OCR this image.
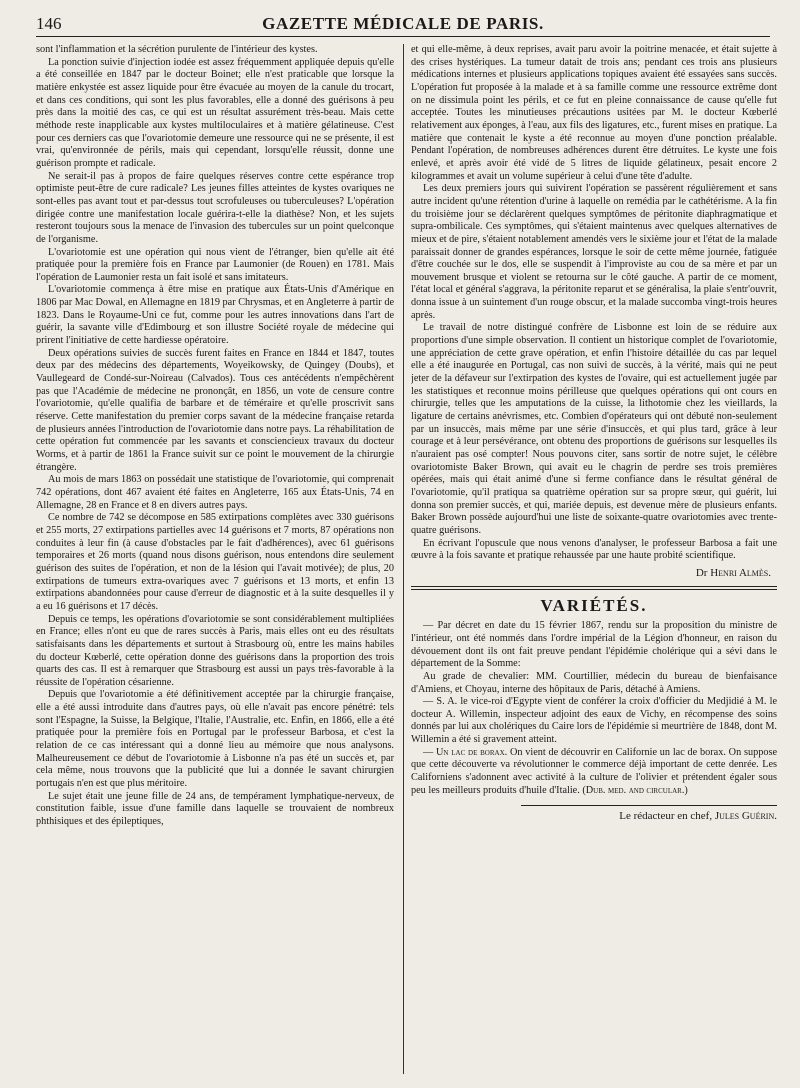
146	GAZETTE MÉDICALE DE PARIS.

sont l'inflammation et la sécrétion purulente de l'intérieur des kystes.

La ponction suivie d'injection iodée est assez fréquemment appliquée depuis qu'elle a été conseillée en 1847 par le docteur Boinet; elle n'est praticable que lorsque la matière enkystée est assez liquide pour être évacuée au moyen de la canule du trocart, et dans ces conditions, qui sont les plus favorables, elle a donné des guérisons à peu près dans la moitié des cas, ce qui est un résultat assurément très-beau. Mais cette méthode reste inapplicable aux kystes multiloculaires et à matière gélatineuse. C'est pour ces derniers cas que l'ovariotomie demeure une ressource qui ne se présente, il est vrai, qu'environnée de périls, mais qui cependant, lorsqu'elle réussit, donne une guérison prompte et radicale.

Ne serait-il pas à propos de faire quelques réserves contre cette espérance trop optimiste peut-être de cure radicale? Les jeunes filles atteintes de kystes ovariques ne sont-elles pas avant tout et par-dessus tout scrofuleuses ou tuberculeuses? L'opération dirigée contre une manifestation locale guérira-t-elle la diathèse? Non, et les sujets resteront toujours sous la menace de l'invasion des tubercules sur un point quelconque de l'organisme.

L'ovariotomie est une opération qui nous vient de l'étranger, bien qu'elle ait été pratiquée pour la première fois en France par Laumonier (de Rouen) en 1781. Mais l'opération de Laumonier resta un fait isolé et sans imitateurs.

L'ovariotomie commença à être mise en pratique aux États-Unis d'Amérique en 1806 par Mac Dowal, en Allemagne en 1819 par Chrysmas, et en Angleterre à partir de 1823. Dans le Royaume-Uni ce fut, comme pour les autres innovations dans l'art de guérir, la savante ville d'Edimbourg et son illustre Société royale de médecine qui prirent l'initiative de cette hardiesse opératoire.

Deux opérations suivies de succès furent faites en France en 1844 et 1847, toutes deux par des médecins des départements, Woyeikowsky, de Quingey (Doubs), et Vaullegeard de Condé-sur-Noireau (Calvados). Tous ces antécédents n'empêchèrent pas que l'Académie de médecine ne prononçât, en 1856, un vote de censure contre l'ovariotomie, qu'elle qualifia de barbare et de téméraire et qu'elle proscrivit sans réserve. Cette manifestation du premier corps savant de la médecine française retarda de plusieurs années l'introduction de l'ovariotomie dans notre pays. La réhabilitation de cette opération fut commencée par les savants et consciencieux travaux du docteur Worms, et à partir de 1861 la France suivit sur ce point le mouvement de la chirurgie étrangère.

Au mois de mars 1863 on possédait une statistique de l'ovariotomie, qui comprenait 742 opérations, dont 467 avaient été faites en Angleterre, 165 aux États-Unis, 74 en Allemagne, 28 en France et 8 en divers autres pays.

Ce nombre de 742 se décompose en 585 extirpations complètes avec 330 guérisons et 255 morts, 27 extirpations partielles avec 14 guérisons et 7 morts, 87 opérations non conduites à leur fin (à cause d'obstacles par le fait d'adhérences), avec 61 guérisons temporaires et 26 morts (quand nous disons guérison, nous entendons dire seulement guérison des suites de l'opération, et non de la lésion qui l'avait motivée); de plus, 20 extirpations de tumeurs extra-ovariques avec 7 guérisons et 13 morts, et enfin 13 extirpations abandonnées pour cause d'erreur de diagnostic et à la suite desquelles il y a eu 16 guérisons et 17 décès.

Depuis ce temps, les opérations d'ovariotomie se sont considérablement multipliées en France; elles n'ont eu que de rares succès à Paris, mais elles ont eu des résultats satisfaisants dans les départements et surtout à Strasbourg où, entre les mains habiles du docteur Kœberlé, cette opération donne des guérisons dans la proportion des trois quarts des cas. Il est à remarquer que Strasbourg est aussi un pays très-favorable à la réussite de l'opération césarienne.

Depuis que l'ovariotomie a été définitivement acceptée par la chirurgie française, elle a été aussi introduite dans d'autres pays, où elle n'avait pas encore pénétré: tels sont l'Espagne, la Suisse, la Belgique, l'Italie, l'Australie, etc. Enfin, en 1866, elle a été pratiquée pour la première fois en Portugal par le professeur Barbosa, et c'est la relation de ce cas intéressant qui a donné lieu au mémoire que nous analysons. Malheureusement ce début de l'ovariotomie à Lisbonne n'a pas été un succès et, par cela même, nous trouvons que la publicité que lui a donnée le savant chirurgien portugais n'en est que plus méritoire.

Le sujet était une jeune fille de 24 ans, de tempérament lymphatique-nerveux, de constitution faible, issue d'une famille dans laquelle se trouvaient de nombreux phthisiques et des épileptiques,

et qui elle-même, à deux reprises, avait paru avoir la poitrine menacée, et était sujette à des crises hystériques. La tumeur datait de trois ans; pendant ces trois ans plusieurs médications internes et plusieurs applications topiques avaient été essayées sans succès. L'opération fut proposée à la malade et à sa famille comme une ressource extrême dont on ne dissimula point les périls, et ce fut en pleine connaissance de cause qu'elle fut acceptée. Toutes les minutieuses précautions usitées par M. le docteur Kœberlé relativement aux éponges, à l'eau, aux fils des ligatures, etc., furent mises en pratique. La matière que contenait le kyste a été reconnue au moyen d'une ponction préalable. Pendant l'opération, de nombreuses adhérences durent être détruites. Le kyste une fois enlevé, et après avoir été vidé de 5 litres de liquide gélatineux, pesait encore 2 kilogrammes et avait un volume supérieur à celui d'une tête d'adulte.

Les deux premiers jours qui suivirent l'opération se passèrent régulièrement et sans autre incident qu'une rétention d'urine à laquelle on remédia par le cathétérisme. A la fin du troisième jour se déclarèrent quelques symptômes de péritonite diaphragmatique et supra-ombilicale. Ces symptômes, qui s'étaient maintenus avec quelques alternatives de mieux et de pire, s'étaient notablement amendés vers le sixième jour et l'état de la malade paraissait donner de grandes espérances, lorsque le soir de cette même journée, fatiguée d'être couchée sur le dos, elle se suspendit à l'improviste au cou de sa mère et par un mouvement brusque et violent se retourna sur le côté gauche. A partir de ce moment, l'état local et général s'aggrava, la péritonite reparut et se généralisa, la plaie s'entr'ouvrit, donna issue à un suintement d'un rouge obscur, et la malade succomba vingt-trois heures après.

Le travail de notre distingué confrère de Lisbonne est loin de se réduire aux proportions d'une simple observation. Il contient un historique complet de l'ovariotomie, une appréciation de cette grave opération, et enfin l'histoire détaillée du cas par lequel elle a été inaugurée en Portugal, cas non suivi de succès, à la vérité, mais qui ne peut jeter de la défaveur sur l'extirpation des kystes de l'ovaire, qui est actuellement jugée par les statistiques et reconnue moins périlleuse que quelques opérations qui ont cours en chirurgie, telles que les amputations de la cuisse, la lithotomie chez les vieillards, la ligature de certains anévrismes, etc. Combien d'opérateurs qui ont débuté non-seulement par un insuccès, mais même par une série d'insuccès, et qui plus tard, grâce à leur courage et à leur persévérance, ont obtenu des proportions de guérisons sur lesquelles ils n'auraient pas osé compter! Nous pouvons citer, sans sortir de notre sujet, le célèbre ovariotomiste Baker Brown, qui avait eu le chagrin de perdre ses trois premières opérées, mais qui était animé d'une si ferme confiance dans le résultat général de l'ovariotomie, qu'il pratiqua sa quatrième opération sur sa propre sœur, qui guérit, lui donna son premier succès, et qui, mariée depuis, est devenue mère de plusieurs enfants. Baker Brown possède aujourd'hui une liste de soixante-quatre ovariotomies avec trente-quatre guérisons.

En écrivant l'opuscule que nous venons d'analyser, le professeur Barbosa a fait une œuvre à la fois savante et pratique rehaussée par une haute probité scientifique.

Dr Henri Almès.
VARIÉTÉS.

— Par décret en date du 15 février 1867, rendu sur la proposition du ministre de l'intérieur, ont été nommés dans l'ordre impérial de la Légion d'honneur, en raison du dévouement dont ils ont fait preuve pendant l'épidémie cholérique qui a sévi dans le département de la Somme:

Au grade de chevalier: MM. Courtillier, médecin du bureau de bienfaisance d'Amiens, et Choyau, interne des hôpitaux de Paris, détaché à Amiens.

— S. A. le vice-roi d'Egypte vient de conférer la croix d'officier du Medjidié à M. le docteur A. Willemin, inspecteur adjoint des eaux de Vichy, en récompense des soins donnés par lui aux cholériques du Caire lors de l'épidémie si meurtrière de 1848, dont M. Willemin a été si gravement atteint.

— Un lac de borax. On vient de découvrir en Californie un lac de borax. On suppose que cette découverte va révolutionner le commerce déjà important de cette denrée. Les Californiens s'adonnent avec activité à la culture de l'olivier et prétendent égaler sous peu les meilleurs produits d'huile d'Italie. (Dub. med. and circular.)

Le rédacteur en chef, Jules Guérin.
